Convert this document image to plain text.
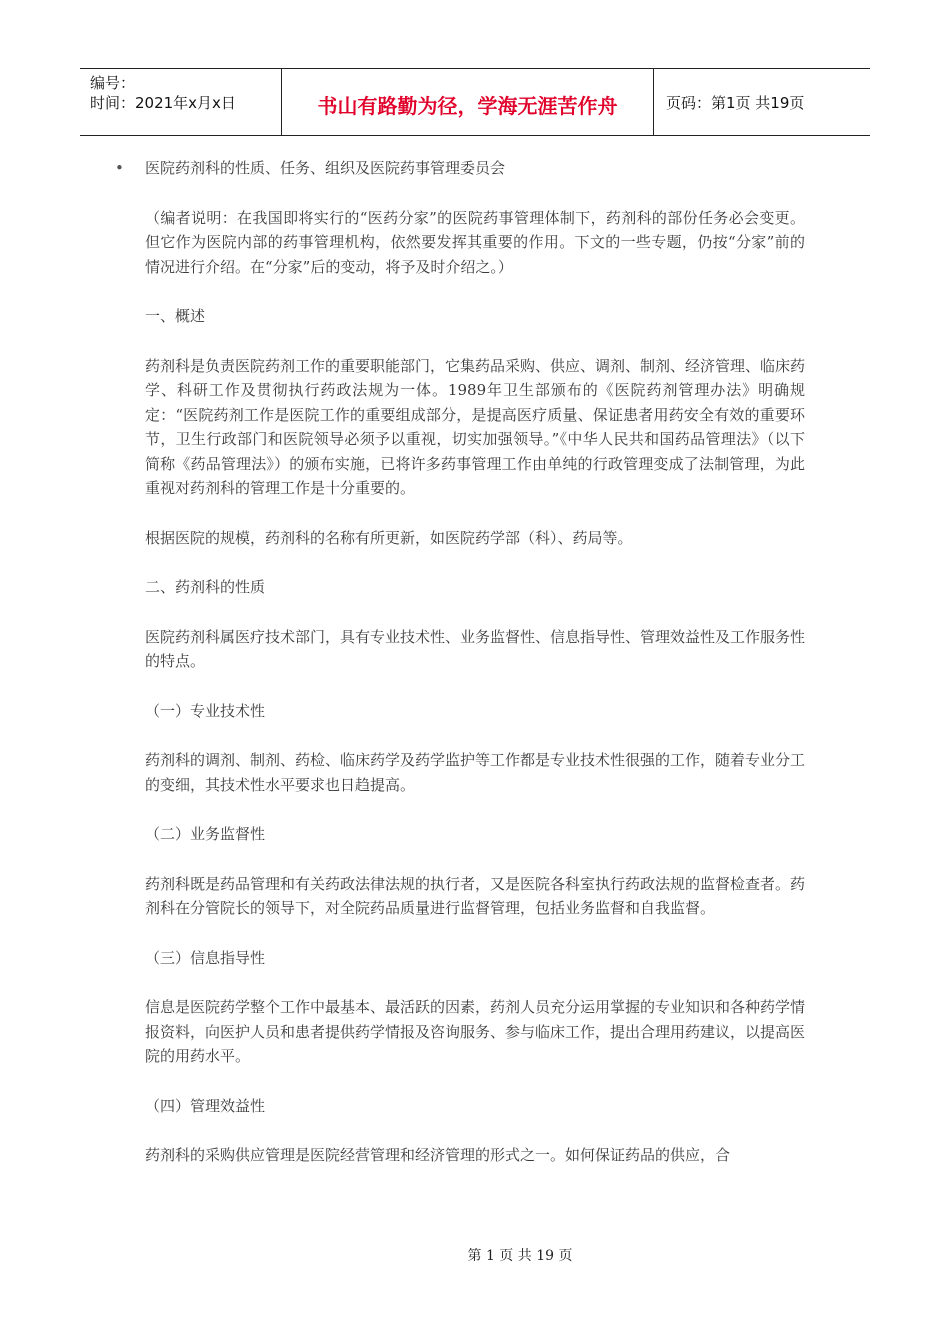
编号：
时间：2021年x月x日	书山有路勤为径，学海无涯苦作舟	页码：第1页 共19页
• 医院药剂科的性质、任务、组织及医院药事管理委员会

（编者说明：在我国即将实行的“医药分家”的医院药事管理体制下，药剂科的部份任务必会变更。但它作为医院内部的药事管理机构，依然要发挥其重要的作用。下文的一些专题，仍按“分家”前的情况进行介绍。在“分家”后的变动，将予及时介绍之。）

一、概述

药剂科是负责医院药剂工作的重要职能部门，它集药品采购、供应、调剂、制剂、经济管理、临床药学、科研工作及贯彻执行药政法规为一体。1989年卫生部颁布的《医院药剂管理办法》明确规定：“医院药剂工作是医院工作的重要组成部分，是提高医疗质量、保证患者用药安全有效的重要环节，卫生行政部门和医院领导必须予以重视，切实加强领导。”《中华人民共和国药品管理法》（以下简称《药品管理法》）的颁布实施，已将许多药事管理工作由单纯的行政管理变成了法制管理，为此重视对药剂科的管理工作是十分重要的。

根据医院的规模，药剂科的名称有所更新，如医院药学部（科）、药局等。

二、药剂科的性质

医院药剂科属医疗技术部门，具有专业技术性、业务监督性、信息指导性、管理效益性及工作服务性的特点。

（一）专业技术性

药剂科的调剂、制剂、药检、临床药学及药学监护等工作都是专业技术性很强的工作，随着专业分工的变细，其技术性水平要求也日趋提高。

（二）业务监督性

药剂科既是药品管理和有关药政法律法规的执行者，又是医院各科室执行药政法规的监督检查者。药剂科在分管院长的领导下，对全院药品质量进行监督管理，包括业务监督和自我监督。

（三）信息指导性

信息是医院药学整个工作中最基本、最活跃的因素，药剂人员充分运用掌握的专业知识和各种药学情报资料，向医护人员和患者提供药学情报及咨询服务、参与临床工作，提出合理用药建议，以提高医院的用药水平。

（四）管理效益性

药剂科的采购供应管理是医院经营管理和经济管理的形式之一。如何保证药品的供应，合

第 1 页 共 19 页
